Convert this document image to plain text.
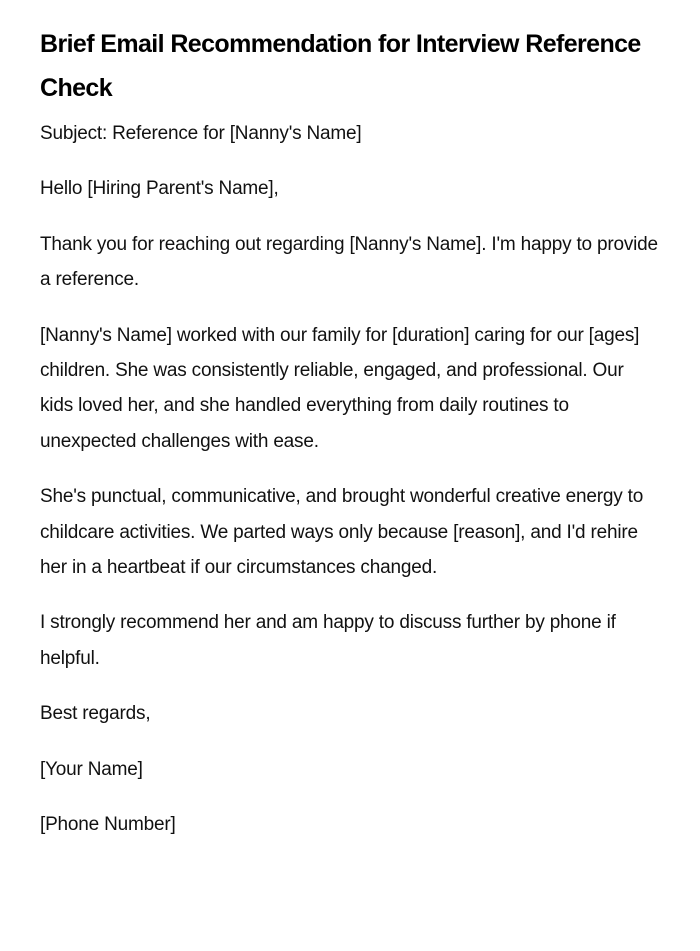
Brief Email Recommendation for Interview Reference Check

Subject: Reference for [Nanny's Name]

Hello [Hiring Parent's Name],

Thank you for reaching out regarding [Nanny's Name]. I'm happy to provide a reference.

[Nanny's Name] worked with our family for [duration] caring for our [ages] children. She was consistently reliable, engaged, and professional. Our kids loved her, and she handled everything from daily routines to unexpected challenges with ease.

She's punctual, communicative, and brought wonderful creative energy to childcare activities. We parted ways only because [reason], and I'd rehire her in a heartbeat if our circumstances changed.

I strongly recommend her and am happy to discuss further by phone if helpful.

Best regards,

[Your Name]

[Phone Number]
